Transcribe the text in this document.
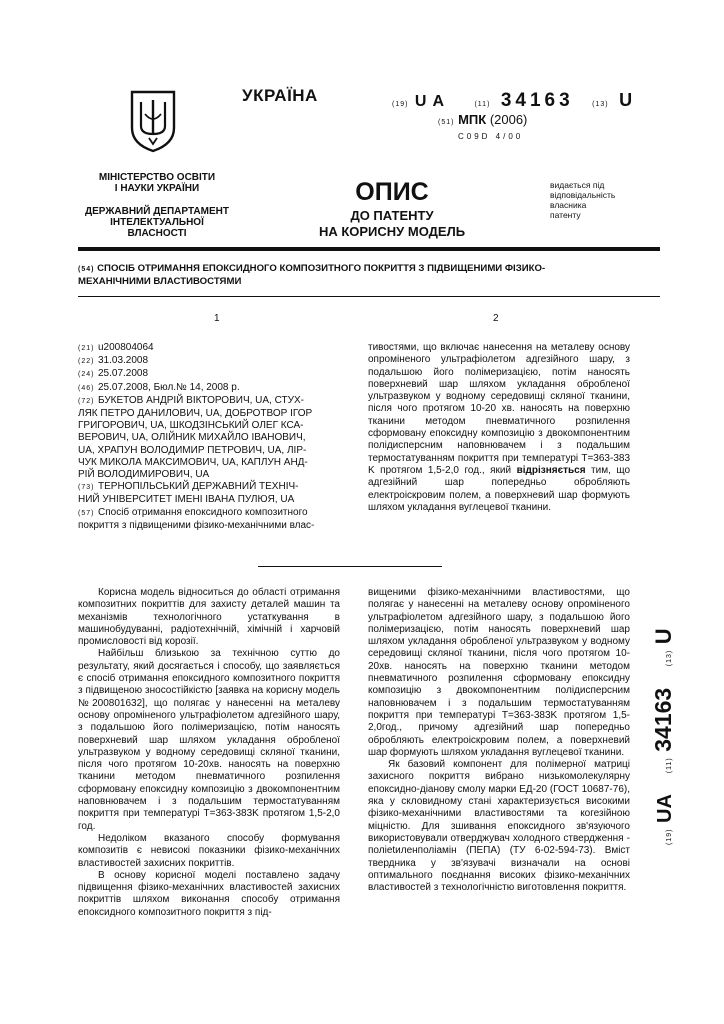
УКРАЇНА	(19) UA	(11) 34163	(13) U
(51) МПК (2006)
C09D 4/00
МІНІСТЕРСТВО ОСВІТИ
І НАУКИ УКРАЇНИ
ДЕРЖАВНИЙ ДЕПАРТАМЕНТ
ІНТЕЛЕКТУАЛЬНОЇ
ВЛАСНОСТІ
ОПИС
ДО ПАТЕНТУ
НА КОРИСНУ МОДЕЛЬ
видається під
відповідальність
власника
патенту
(54) СПОСІБ ОТРИМАННЯ ЕПОКСИДНОГО КОМПОЗИТНОГО ПОКРИТТЯ З ПІДВИЩЕНИМИ ФІЗИКО-
МЕХАНІЧНИМИ ВЛАСТИВОСТЯМИ
1	2
(21) u200804064
(22) 31.03.2008
(24) 25.07.2008
(46) 25.07.2008, Бюл.№ 14, 2008 р.
(72) БУКЕТОВ АНДРІЙ ВІКТОРОВИЧ, UA, СТУХ-
ЛЯК ПЕТРО ДАНИЛОВИЧ, UA, ДОБРОТВОР ІГОР
ГРИГОРОВИЧ, UA, ШКОДЗІНСЬКИЙ ОЛЕГ КСА-
ВЕРОВИЧ, UA, ОЛІЙНИК МИХАЙЛО ІВАНОВИЧ,
UA, ХРАПУН ВОЛОДИМИР ПЕТРОВИЧ, UA, ЛІР-
ЧУК МИКОЛА МАКСИМОВИЧ, UA, КАПЛУН АНД-
РІЙ ВОЛОДИМИРОВИЧ, UA
(73) ТЕРНОПІЛЬСЬКИЙ ДЕРЖАВНИЙ ТЕХНІЧ-
НИЙ УНІВЕРСИТЕТ ІМЕНІ ІВАНА ПУЛЮЯ, UA
(57) Спосіб отримання епоксидного композитного
покриття з підвищеними фізико-механічними влас-
тивостями, що включає нанесення на металеву основу опроміненого ультрафіолетом адгезійного шару, з подальшою його полімеризацією, потім наносять поверхневий шар шляхом укладання обробленої ультразвуком у водному середовищі скляної тканини, після чого протягом 10-20 хв. наносять на поверхню тканини методом пневматичного розпилення сформовану епоксидну композицію з двокомпонентним полідисперсним наповнювачем і з подальшим термостатуванням покриття при температурі T=363-383 K протягом 1,5-2,0 год., який відрізняється тим, що адгезійний шар попередньо обробляють електроіскровим полем, а поверхневий шар формують шляхом укладання вуглецевої тканини.

Корисна модель відноситься до області отримання композитних покриттів для захисту деталей машин та механізмів технологічного устаткування в машинобудуванні, радіотехнічній, хімічній і харчовій промисловості від корозії.

Найбільш близькою за технічною суттю до результату, який досягається і способу, що заявляється є спосіб отримання епоксидного композитного покриття з підвищеною зносостійкістю [заявка на корисну модель №200801632], що полягає у нанесенні на металеву основу опроміненого ультрафіолетом адгезійного шару, з подальшою його полімеризацією, потім наносять поверхневий шар шляхом укладання обробленої ультразвуком у водному середовищі скляної тканини, після чого протягом 10-20хв. наносять на поверхню тканини методом пневматичного розпилення сформовану епоксидну композицію з двокомпонентним наповнювачем і з подальшим термостатуванням покриття при температурі T=363-383K протягом 1,5-2,0 год.

Недоліком вказаного способу формування композитів є невисокі показники фізико-механічних властивостей захисних покриттів.

В основу корисної моделі поставлено задачу підвищення фізико-механічних властивостей захисних покриттів шляхом виконання способу отримання епоксидного композитного покриття з під-

вищеними фізико-механічними властивостями, що полягає у нанесенні на металеву основу опроміненого ультрафіолетом адгезійного шару, з подальшою його полімеризацією, потім наносять поверхневий шар шляхом укладання обробленої ультразвуком у водному середовищі скляної тканини, після чого протягом 10-20хв. наносять на поверхню тканини методом пневматичного розпилення сформовану епоксидну композицію з двокомпонентним полідисперсним наповнювачем і з подальшим термостатуванням покриття при температурі T=363-383K протягом 1,5-2,0год., причому адгезійний шар попередньо обробляють електроіскровим полем, а поверхневий шар формують шляхом укладання вуглецевої тканини.

Як базовий компонент для полімерної матриці захисного покриття вибрано низькомолекулярну епоксидно-діанову смолу марки ЕД-20 (ГОСТ 10687-76), яка у скловидному стані характеризується високими фізико-механічними властивостями та когезійною міцністю. Для зшивання епоксидного зв'язуючого використовували отверджувач холодного ствердження - полietиленполіамін (ПЕПА) (ТУ 6-02-594-73). Вміст твердника у зв'язувачі визначали на основі оптимального поєднання високих фізико-механічних властивостей з технологічністю виготовлення покриття.

(19) UA (11) 34163 (13) U
